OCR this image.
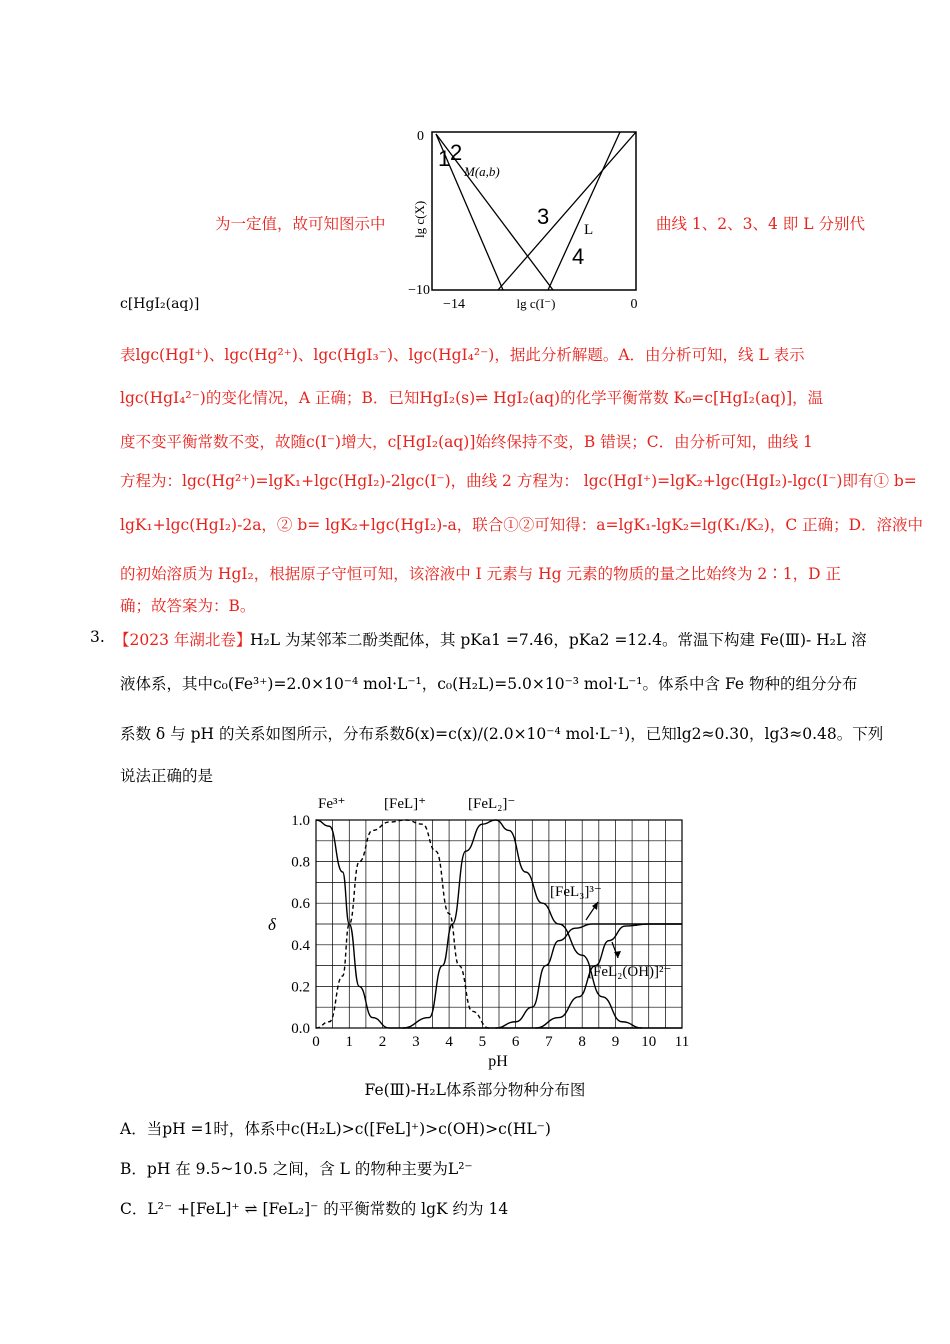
为一定值，故可知图示中
0
−10
−14	0
lg c(I⁻)
lg c(X)
1 2
M(a,b)
3
L
4
曲线 1、2、3、4 即 L 分别代
c[HgI₂(aq)]
表lgc(HgI⁺)、lgc(Hg²⁺)、lgc(HgI₃⁻)、lgc(HgI₄²⁻)，据此分析解题。A．由分析可知，线 L 表示
lgc(HgI₄²⁻)的变化情况，A 正确；B．已知HgI₂(s)⇌ HgI₂(aq)的化学平衡常数 K₀=c[HgI₂(aq)]，温
度不变平衡常数不变，故随c(I⁻)增大，c[HgI₂(aq)]始终保持不变，B 错误；C．由分析可知，曲线 1
方程为：lgc(Hg²⁺)=lgK₁+lgc(HgI₂)-2lgc(I⁻)，曲线 2 方程为： lgc(HgI⁺)=lgK₂+lgc(HgI₂)-lgc(I⁻)即有① b=
lgK₁+lgc(HgI₂)-2a，② b= lgK₂+lgc(HgI₂)-a，联合①②可知得：a=lgK₁-lgK₂=lg(K₁/K₂)，C 正确；D．溶液中
的初始溶质为 HgI₂，根据原子守恒可知，该溶液中 I 元素与 Hg 元素的物质的量之比始终为 2∶1，D 正
确；故答案为：B。
3. 【2023 年湖北卷】
H₂L 为某邻苯二酚类配体，其 pKa1 =7.46，pKa2 =12.4。常温下构建 Fe(Ⅲ)- H₂L 溶
液体系，其中c₀(Fe³⁺)=2.0×10⁻⁴ mol·L⁻¹，c₀(H₂L)=5.0×10⁻³ mol·L⁻¹。体系中含 Fe 物种的组分分布
系数 δ 与 pH 的关系如图所示，分布系数δ(x)=c(x)/(2.0×10⁻⁴ mol·L⁻¹)，已知lg2≈0.30，lg3≈0.48。下列
说法正确的是
0 1 2 3 4 5 6 7 8 9 10 11
0.0
0.2
0.4
0.6
0.8
1.0
pH
δ
Fe³⁺	[FeL]⁺	[FeL₂]⁻
[FeL₃]³⁻
[FeL₂(OH)]²⁻
Fe(Ⅲ)-H₂L体系部分物种分布图
A．当pH =1时，体系中c(H₂L)>c([FeL]⁺)>c(OH)>c(HL⁻)
B．pH 在 9.5~10.5 之间，含 L 的物种主要为L²⁻
C．L²⁻ +[FeL]⁺ ⇌ [FeL₂]⁻ 的平衡常数的 lgK 约为 14
